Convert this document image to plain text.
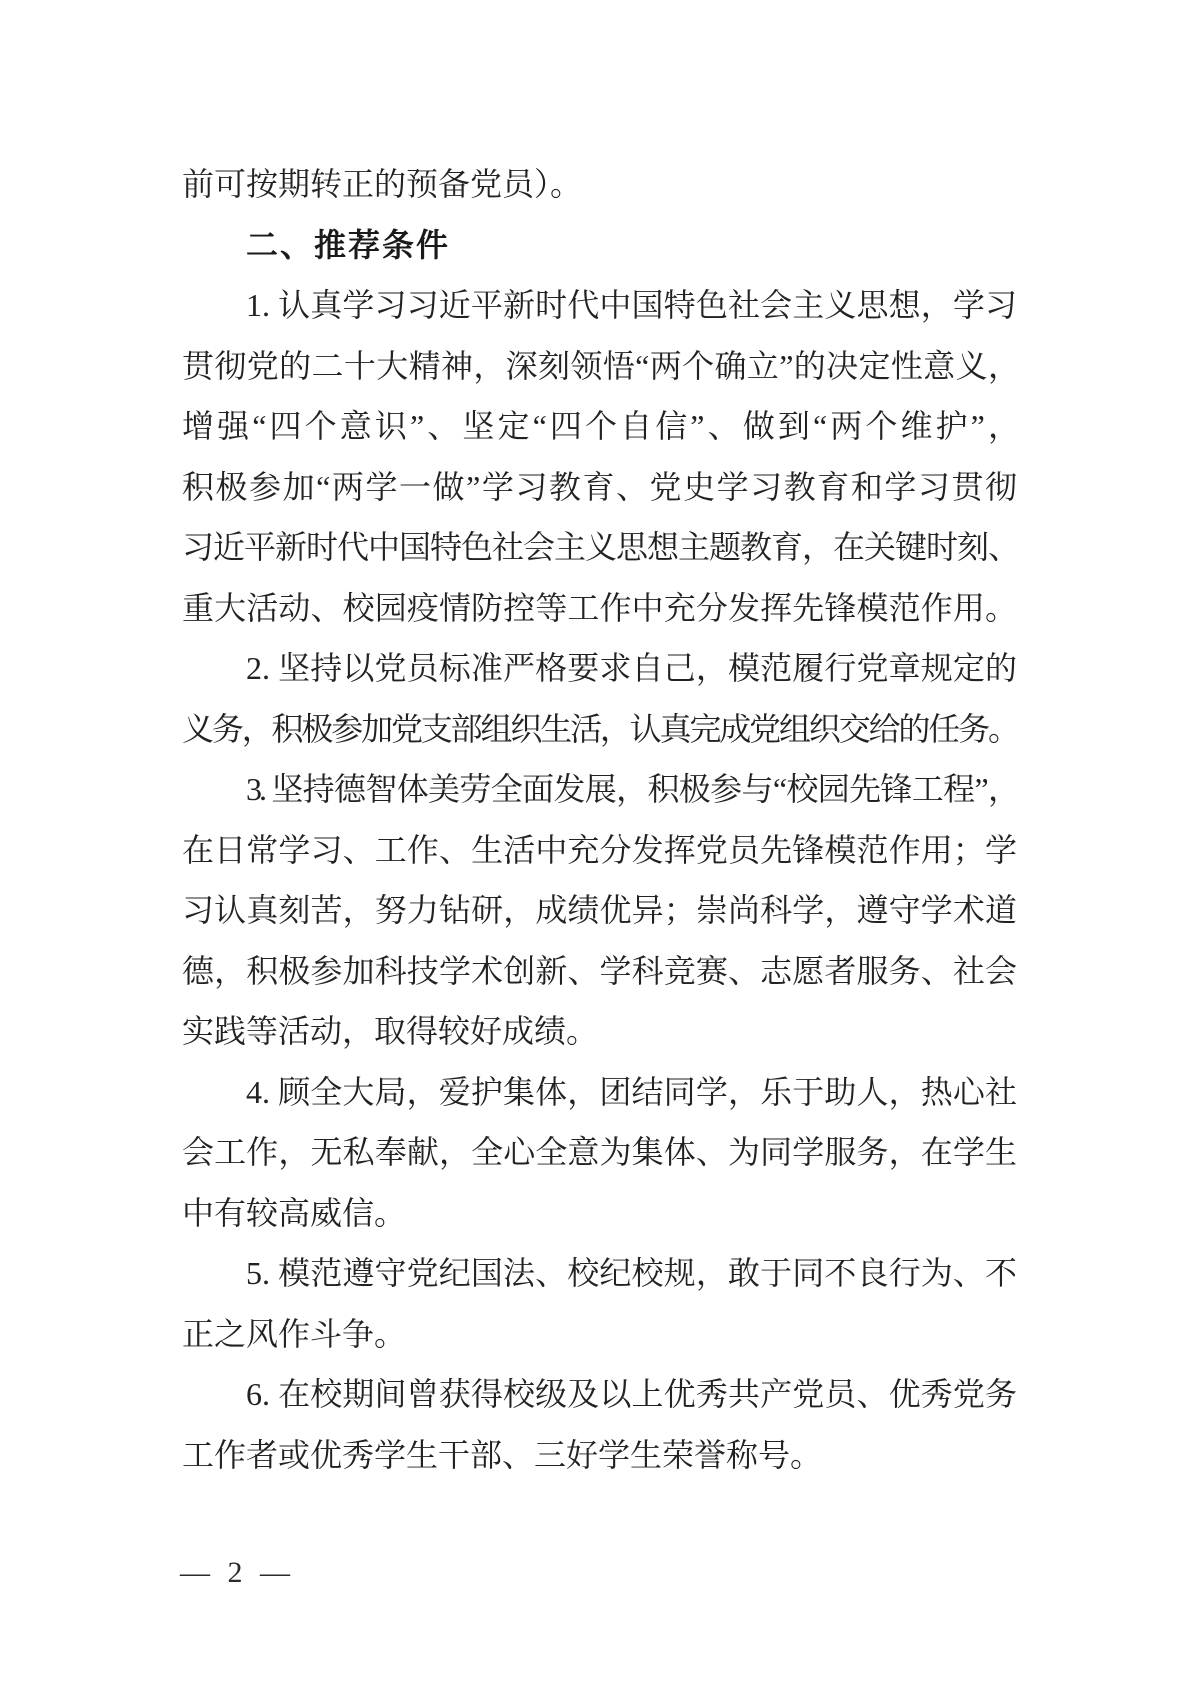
前可按期转正的预备党员）。
二、推荐条件
1. 认真学习习近平新时代中国特色社会主义思想，学习
贯彻党的二十大精神，深刻领悟“两个确立”的决定性意义，
增强“四个意识”、坚定“四个自信”、做到“两个维护”，
积极参加“两学一做”学习教育、党史学习教育和学习贯彻
习近平新时代中国特色社会主义思想主题教育，在关键时刻、
重大活动、校园疫情防控等工作中充分发挥先锋模范作用。
2. 坚持以党员标准严格要求自己，模范履行党章规定的
义务，积极参加党支部组织生活，认真完成党组织交给的任务。
3. 坚持德智体美劳全面发展，积极参与“校园先锋工程”，
在日常学习、工作、生活中充分发挥党员先锋模范作用；学
习认真刻苦，努力钻研，成绩优异；崇尚科学，遵守学术道
德，积极参加科技学术创新、学科竞赛、志愿者服务、社会
实践等活动，取得较好成绩。
4. 顾全大局，爱护集体，团结同学，乐于助人，热心社
会工作，无私奉献，全心全意为集体、为同学服务，在学生
中有较高威信。
5. 模范遵守党纪国法、校纪校规，敢于同不良行为、不
正之风作斗争。
6. 在校期间曾获得校级及以上优秀共产党员、优秀党务
工作者或优秀学生干部、三好学生荣誉称号。
— 2 —
